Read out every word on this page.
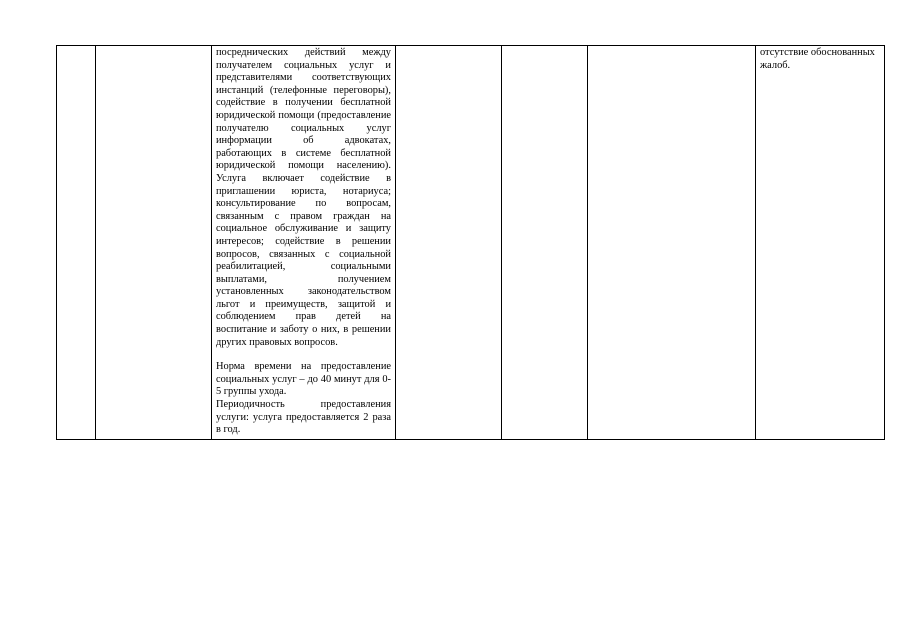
посреднических действий между получателем социальных услуг и представителями соответствующих инстанций (телефонные переговоры), содействие в получении бесплатной юридической помощи (предоставление получателю социальных услуг информации об адвокатах, работающих в системе бесплатной юридической помощи населению). Услуга включает содействие в приглашении юриста, нотариуса; консультирование по вопросам, связанным с правом граждан на социальное обслуживание и защиту интересов; содействие в решении вопросов, связанных с социальной реабилитацией, социальными выплатами, получением установленных законодательством льгот и преимуществ, защитой и соблюдением прав детей на воспитание и заботу о них, в решении других правовых вопросов.

Норма времени на предоставление социальных услуг – до 40 минут для 0-5 группы ухода.

Периодичность предоставления услуги: услуга предоставляется 2 раза в год.

				отсутствие обоснованных жалоб.
